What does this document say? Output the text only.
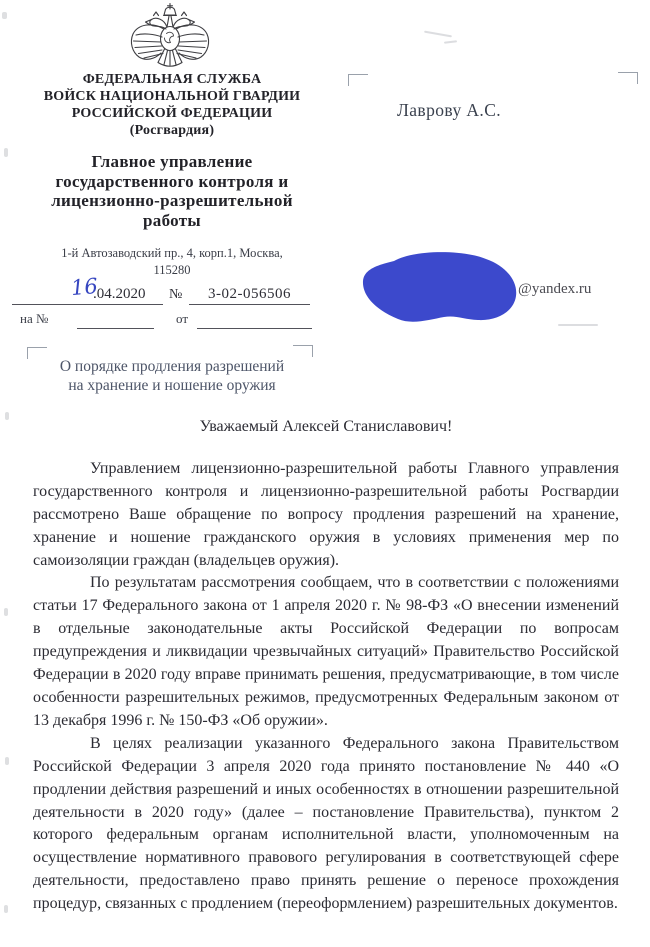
ФЕДЕРАЛЬНАЯ СЛУЖБА
ВОЙСК НАЦИОНАЛЬНОЙ ГВАРДИИ
РОССИЙСКОЙ ФЕДЕРАЦИИ
(Росгвардия)
Главное управление
государственного контроля и
лицензионно-разрешительной
работы
1-й Автозаводский пр., 4, корп.1, Москва,
115280
16
.04.2020 №	3-02-056506
на №	от
О порядке продления разрешений
на хранение и ношение оружия
Лаврову А.С.
@yandex.ru

Уважаемый Алексей Станиславович!

Управлением лицензионно-разрешительной работы Главного управления государственного контроля и лицензионно-разрешительной работы Росгвардии рассмотрено Ваше обращение по вопросу продления разрешений на хранение, хранение и ношение гражданского оружия в условиях применения мер по самоизоляции граждан (владельцев оружия).

По результатам рассмотрения сообщаем, что в соответствии с положениями статьи 17 Федерального закона от 1 апреля 2020 г. № 98-ФЗ «О внесении изменений в отдельные законодательные акты Российской Федерации по вопросам предупреждения и ликвидации чрезвычайных ситуаций» Правительство Российской Федерации в 2020 году вправе принимать решения, предусматривающие, в том числе особенности разрешительных режимов, предусмотренных Федеральным законом от 13 декабря 1996 г. № 150-ФЗ «Об оружии».

В целях реализации указанного Федерального закона Правительством Российской Федерации 3 апреля 2020 года принято постановление № 440 «О продлении действия разрешений и иных особенностях в отношении разрешительной деятельности в 2020 году» (далее – постановление Правительства), пунктом 2 которого федеральным органам исполнительной власти, уполномоченным на осуществление нормативного правового регулирования в соответствующей сфере деятельности, предоставлено право принять решение о переносе прохождения процедур, связанных с продлением (переоформлением) разрешительных документов.
